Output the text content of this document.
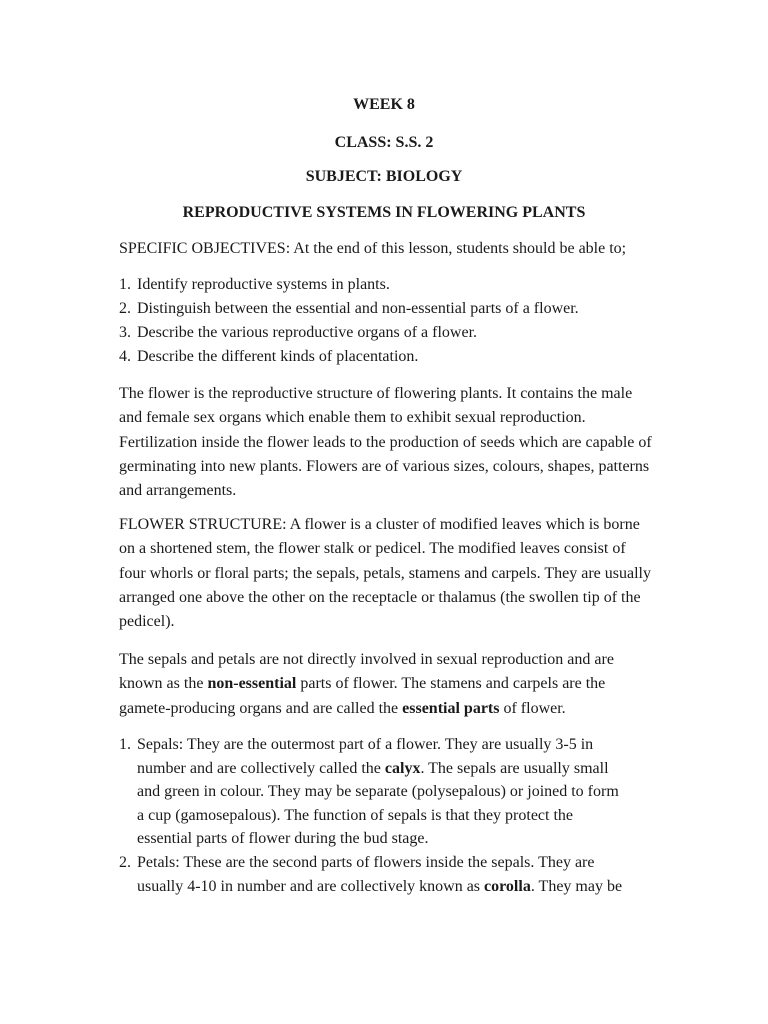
WEEK 8
CLASS: S.S. 2
SUBJECT: BIOLOGY
REPRODUCTIVE SYSTEMS IN FLOWERING PLANTS
SPECIFIC OBJECTIVES: At the end of this lesson, students should be able to;
1. Identify reproductive systems in plants.
2. Distinguish between the essential and non-essential parts of a flower.
3. Describe the various reproductive organs of a flower.
4. Describe the different kinds of placentation.
The flower is the reproductive structure of flowering plants. It contains the male
and female sex organs which enable them to exhibit sexual reproduction.
Fertilization inside the flower leads to the production of seeds which are capable of
germinating into new plants. Flowers are of various sizes, colours, shapes, patterns
and arrangements.
FLOWER STRUCTURE: A flower is a cluster of modified leaves which is borne
on a shortened stem, the flower stalk or pedicel. The modified leaves consist of
four whorls or floral parts; the sepals, petals, stamens and carpels. They are usually
arranged one above the other on the receptacle or thalamus (the swollen tip of the
pedicel).
The sepals and petals are not directly involved in sexual reproduction and are
known as the non-essential parts of flower. The stamens and carpels are the
gamete-producing organs and are called the essential parts of flower.
1. Sepals: They are the outermost part of a flower. They are usually 3-5 in
number and are collectively called the calyx. The sepals are usually small
and green in colour. They may be separate (polysepalous) or joined to form
a cup (gamosepalous). The function of sepals is that they protect the
essential parts of flower during the bud stage.
2. Petals: These are the second parts of flowers inside the sepals. They are
usually 4-10 in number and are collectively known as corolla. They may be
